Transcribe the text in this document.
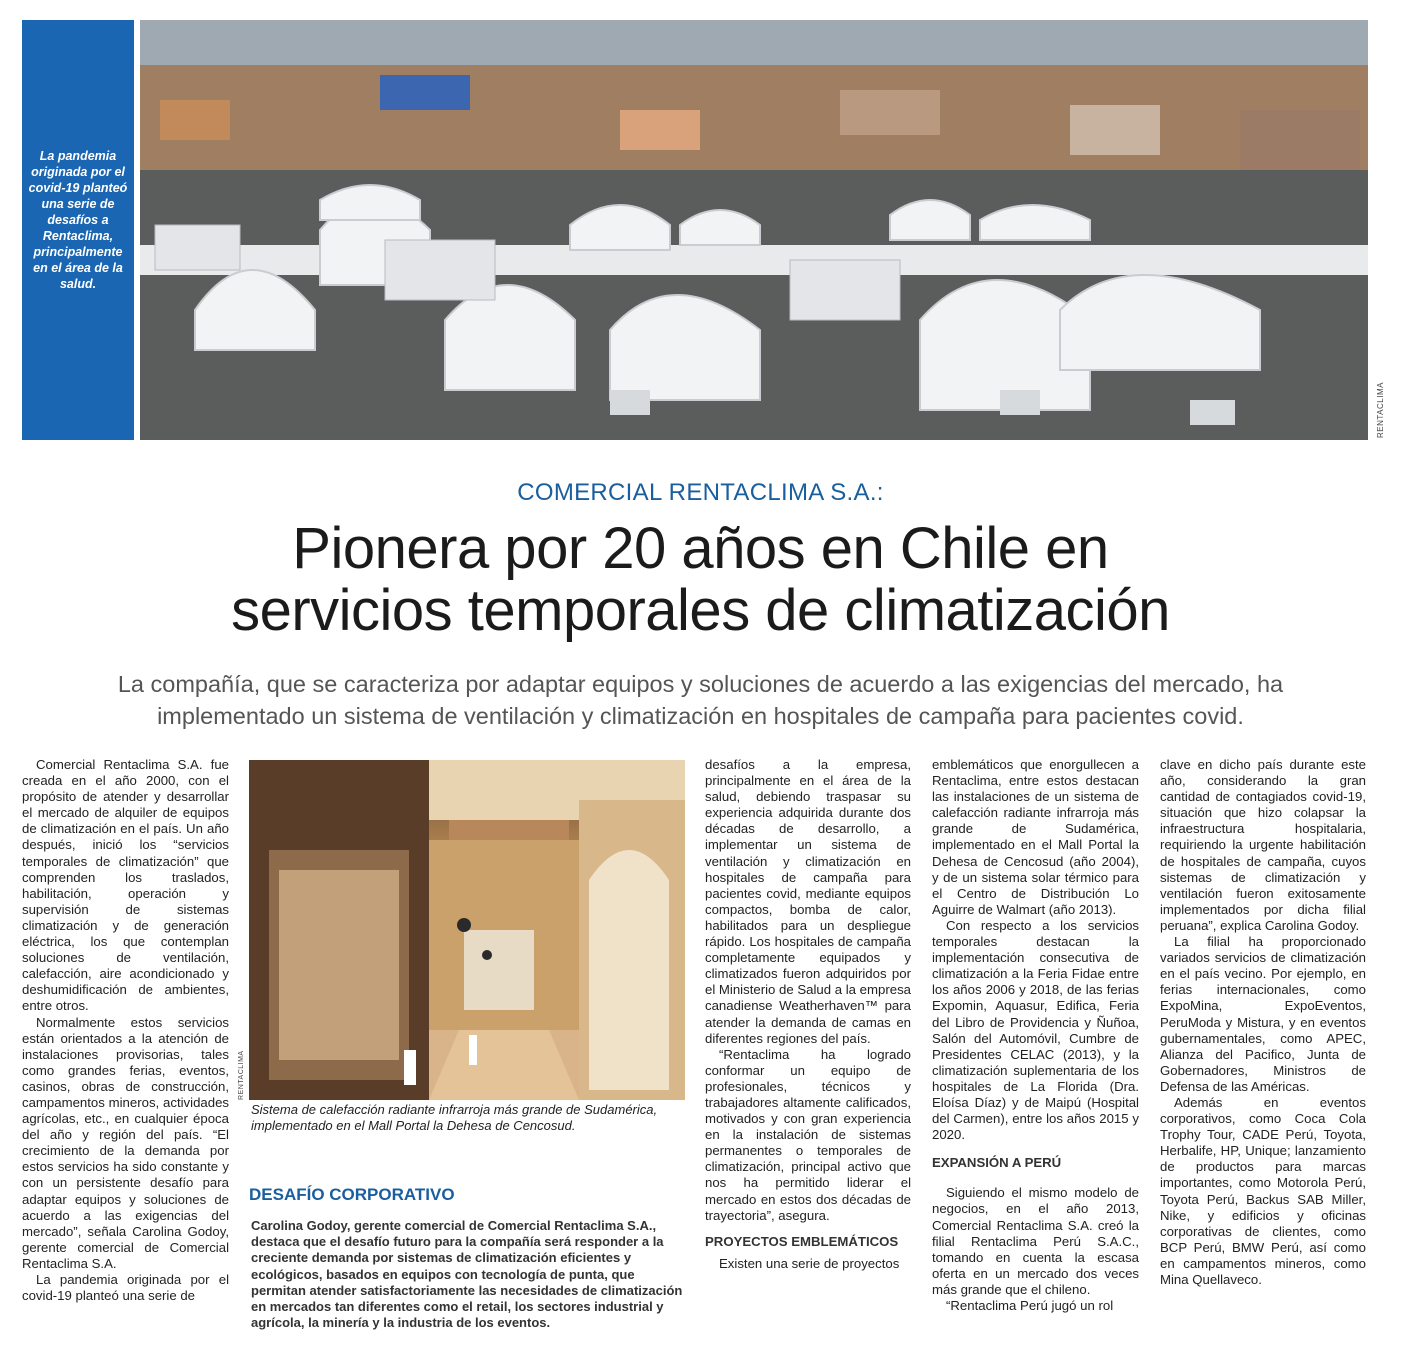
La pandemia originada por el covid-19 planteó una serie de desafíos a Rentaclima, principalmente en el área de la salud.

RENTACLIMA
COMERCIAL RENTACLIMA S.A.:
Pionera por 20 años en Chile en
servicios temporales de climatización
La compañía, que se caracteriza por adaptar equipos y soluciones de acuerdo a las exigencias del mercado, ha implementado un sistema de ventilación y climatización en hospitales de campaña para pacientes covid.

Comercial Rentaclima S.A. fue creada en el año 2000, con el propósito de atender y desarrollar el mercado de alquiler de equipos de climatización en el país. Un año después, inició los “servicios temporales de climatización” que comprenden los traslados, habilitación, operación y supervisión de sistemas climatización y de generación eléctrica, los que contemplan soluciones de ventilación, calefacción, aire acondicionado y deshumidificación de ambientes, entre otros.

Normalmente estos servicios están orientados a la atención de instalaciones provisorias, tales como grandes ferias, eventos, casinos, obras de construcción, campamentos mineros, actividades agrícolas, etc., en cualquier época del año y región del país. “El crecimiento de la demanda por estos servicios ha sido constante y con un persistente desafío para adaptar equipos y soluciones de acuerdo a las exigencias del mercado”, señala Carolina Godoy, gerente comercial de Comercial Rentaclima S.A.

La pandemia originada por el covid-19 planteó una serie de

RENTACLIMA
Sistema de calefacción radiante infrarroja más grande de Sudamérica, implementado en el Mall Portal la Dehesa de Cencosud.
DESAFÍO CORPORATIVO
Carolina Godoy, gerente comercial de Comercial Rentaclima S.A., destaca que el desafío futuro para la compañía será responder a la creciente demanda por sistemas de climatización eficientes y ecológicos, basados en equipos con tecnología de punta, que permitan atender satisfactoriamente las necesidades de climatización en mercados tan diferentes como el retail, los sectores industrial y agrícola, la minería y la industria de los eventos.

desafíos a la empresa, principalmente en el área de la salud, debiendo traspasar su experiencia adquirida durante dos décadas de desarrollo, a implementar un sistema de ventilación y climatización en hospitales de campaña para pacientes covid, mediante equipos compactos, bomba de calor, habilitados para un despliegue rápido. Los hospitales de campaña completamente equipados y climatizados fueron adquiridos por el Ministerio de Salud a la empresa canadiense Weatherhaven™ para atender la demanda de camas en diferentes regiones del país.

“Rentaclima ha logrado conformar un equipo de profesionales, técnicos y trabajadores altamente calificados, motivados y con gran experiencia en la instalación de sistemas permanentes o temporales de climatización, principal activo que nos ha permitido liderar el mercado en estos dos décadas de trayectoria”, asegura.

PROYECTOS EMBLEMÁTICOS

Existen una serie de proyectos

emblemáticos que enorgullecen a Rentaclima, entre estos destacan las instalaciones de un sistema de calefacción radiante infrarroja más grande de Sudamérica, implementado en el Mall Portal la Dehesa de Cencosud (año 2004), y de un sistema solar térmico para el Centro de Distribución Lo Aguirre de Walmart (año 2013).

Con respecto a los servicios temporales destacan la implementación consecutiva de climatización a la Feria Fidae entre los años 2006 y 2018, de las ferias Expomin, Aquasur, Edifica, Feria del Libro de Providencia y Ñuñoa, Salón del Automóvil, Cumbre de Presidentes CELAC (2013), y la climatización suplementaria de los hospitales de La Florida (Dra. Eloísa Díaz) y de Maipú (Hospital del Carmen), entre los años 2015 y 2020.

EXPANSIÓN A PERÚ

Siguiendo el mismo modelo de negocios, en el año 2013, Comercial Rentaclima S.A. creó la filial Rentaclima Perú S.A.C., tomando en cuenta la escasa oferta en un mercado dos veces más grande que el chileno.

“Rentaclima Perú jugó un rol

clave en dicho país durante este año, considerando la gran cantidad de contagiados covid-19, situación que hizo colapsar la infraestructura hospitalaria, requiriendo la urgente habilitación de hospitales de campaña, cuyos sistemas de climatización y ventilación fueron exitosamente implementados por dicha filial peruana”, explica Carolina Godoy.

La filial ha proporcionado variados servicios de climatización en el país vecino. Por ejemplo, en ferias internacionales, como ExpoMina, ExpoEventos, PeruModa y Mistura, y en eventos gubernamentales, como APEC, Alianza del Pacifico, Junta de Gobernadores, Ministros de Defensa de las Américas.

Además en eventos corporativos, como Coca Cola Trophy Tour, CADE Perú, Toyota, Herbalife, HP, Unique; lanzamiento de productos para marcas importantes, como Motorola Perú, Toyota Perú, Backus SAB Miller, Nike, y edificios y oficinas corporativas de clientes, como BCP Perú, BMW Perú, así como en campamentos mineros, como Mina Quellaveco.
